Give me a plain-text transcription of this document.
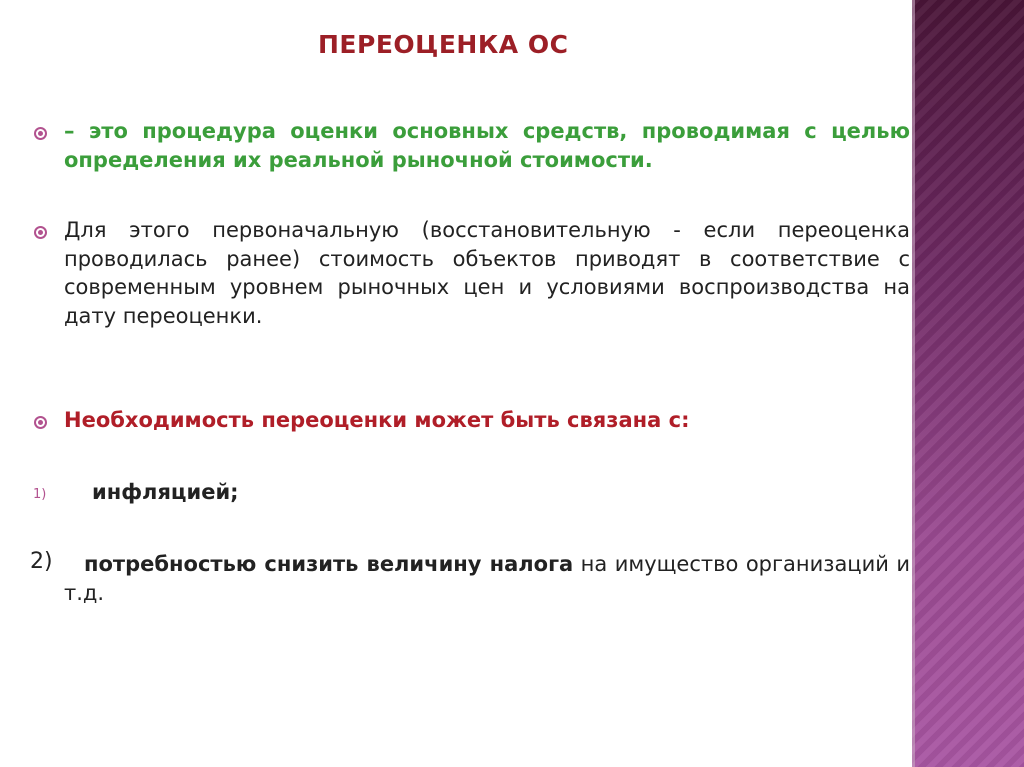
ПЕРЕОЦЕНКА ОС
– это процедура оценки основных средств, проводимая с целью определения их реальной рыночной стоимости.
Для этого первоначальную (восстановительную - если переоценка проводилась ранее) стоимость объектов приводят в соответствие с современным уровнем рыночных цен и условиями воспроизводства на дату переоценки.
Необходимость переоценки может быть связана с:
1) инфляцией;
2)	потребностью снизить величину налога на имущество организаций и т.д.
